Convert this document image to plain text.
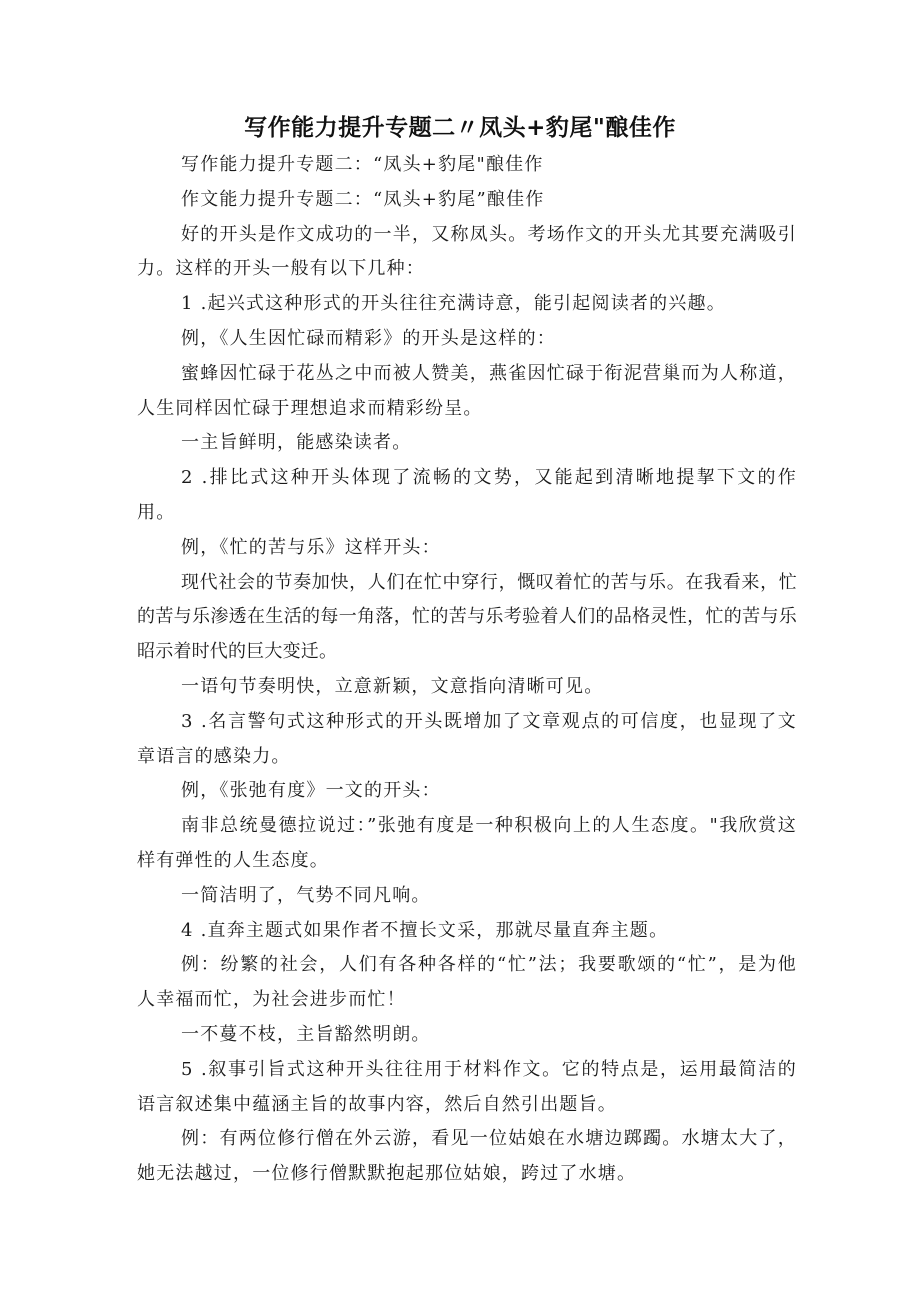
写作能力提升专题二〃凤头+豹尾"酿佳作

写作能力提升专题二：“凤头+豹尾"酿佳作

作文能力提升专题二：“凤头+豹尾”酿佳作

好的开头是作文成功的一半，又称凤头。考场作文的开头尤其要充满吸引力。这样的开头一般有以下几种：

1 .起兴式这种形式的开头往往充满诗意，能引起阅读者的兴趣。

例，《人生因忙碌而精彩》的开头是这样的：

蜜蜂因忙碌于花丛之中而被人赞美，燕雀因忙碌于衔泥营巢而为人称道，人生同样因忙碌于理想追求而精彩纷呈。

一主旨鲜明，能感染读者。

2 .排比式这种开头体现了流畅的文势，又能起到清晰地提挈下文的作用。

例，《忙的苦与乐》这样开头：

现代社会的节奏加快，人们在忙中穿行，慨叹着忙的苦与乐。在我看来，忙的苦与乐渗透在生活的每一角落，忙的苦与乐考验着人们的品格灵性，忙的苦与乐昭示着时代的巨大变迁。

一语句节奏明快，立意新颖，文意指向清晰可见。

3 .名言警句式这种形式的开头既增加了文章观点的可信度，也显现了文章语言的感染力。

例，《张弛有度》一文的开头：

南非总统曼德拉说过：”张弛有度是一种积极向上的人生态度。"我欣赏这样有弹性的人生态度。

一简洁明了，气势不同凡响。

4 .直奔主题式如果作者不擅长文采，那就尽量直奔主题。

例：纷繁的社会，人们有各种各样的“忙”法；我要歌颂的“忙”，是为他人幸福而忙，为社会进步而忙！

一不蔓不枝，主旨豁然明朗。

5 .叙事引旨式这种开头往往用于材料作文。它的特点是，运用最简洁的语言叙述集中蕴涵主旨的故事内容，然后自然引出题旨。

例：有两位修行僧在外云游，看见一位姑娘在水塘边踯躅。水塘太大了，她无法越过，一位修行僧默默抱起那位姑娘，跨过了水塘。
